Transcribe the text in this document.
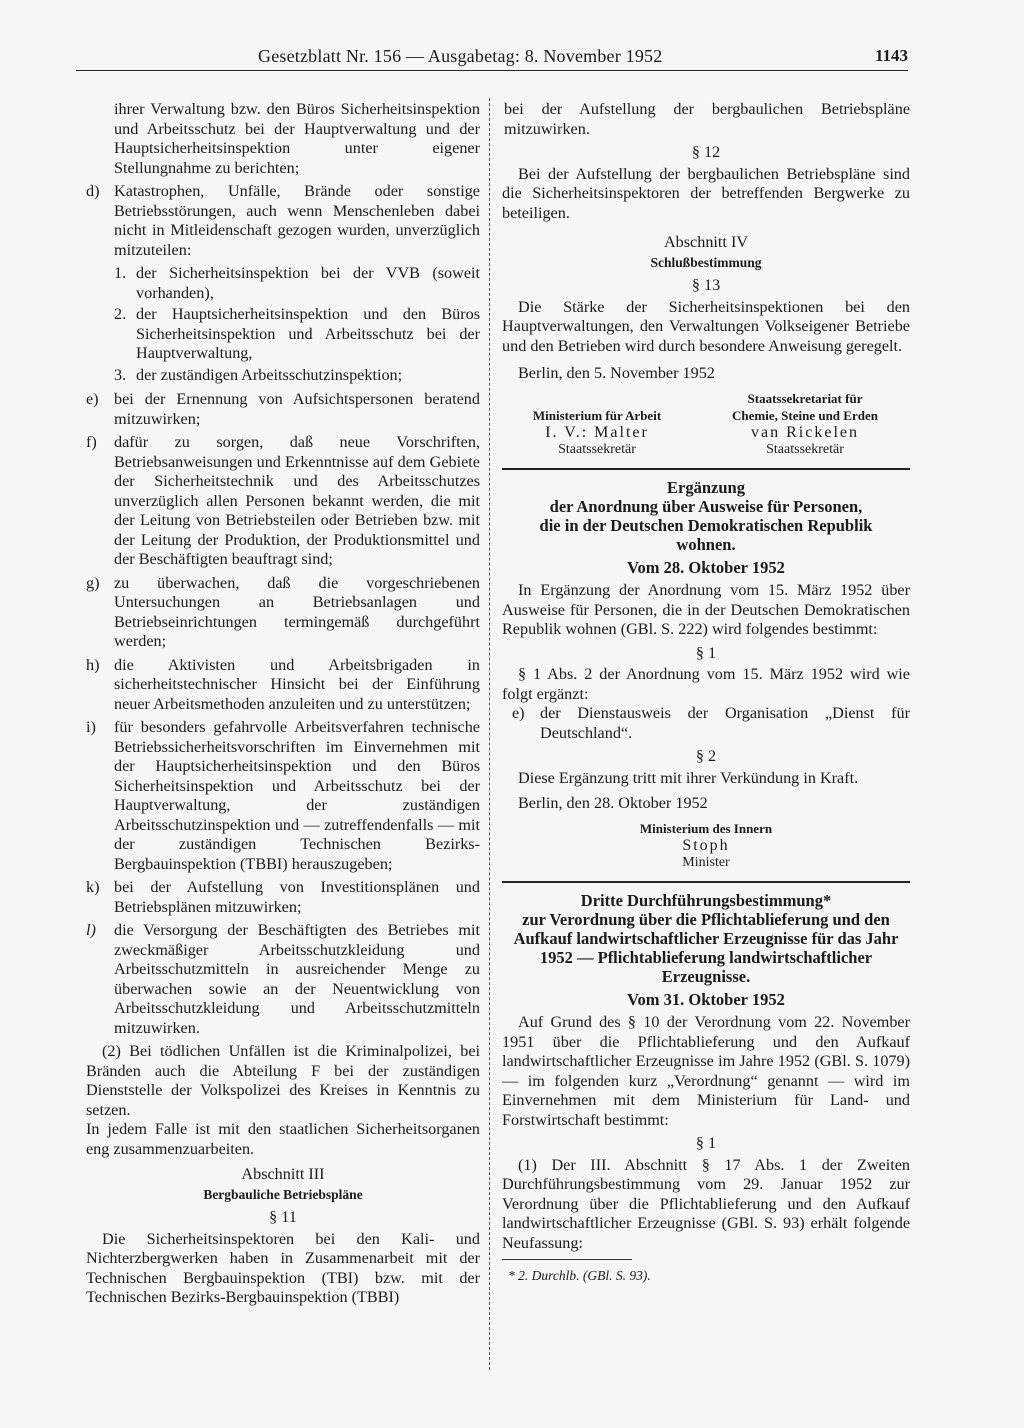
Gesetzblatt Nr. 156 — Ausgabetag: 8. November 1952	1143

ihrer Verwaltung bzw. den Büros Sicherheitsinspektion und Arbeitsschutz bei der Hauptverwaltung und der Hauptsicherheitsinspektion unter eigener Stellungnahme zu berichten;

d) Katastrophen, Unfälle, Brände oder sonstige Betriebsstörungen, auch wenn Menschenleben dabei nicht in Mitleidenschaft gezogen wurden, unverzüglich mitzuteilen:
1. der Sicherheitsinspektion bei der VVB (soweit vorhanden),
2. der Hauptsicherheitsinspektion und den Büros Sicherheitsinspektion und Arbeitsschutz bei der Hauptverwaltung,
3. der zuständigen Arbeitsschutzinspektion;
e) bei der Ernennung von Aufsichtspersonen beratend mitzuwirken;
f)	dafür zu sorgen, daß neue Vorschriften, Betriebsanweisungen und Erkenntnisse auf dem Gebiete der Sicherheitstechnik und des Arbeitsschutzes unverzüglich allen Personen bekannt werden, die mit der Leitung von Betriebsteilen oder Betrieben bzw. mit der Leitung der Produktion, der Produktionsmittel und der Beschäftigten beauftragt sind;
g) zu überwachen, daß die vorgeschriebenen Untersuchungen an Betriebsanlagen und Betriebseinrichtungen termingemäß durchgeführt werden;
h) die Aktivisten und Arbeitsbrigaden in sicherheitstechnischer Hinsicht bei der Einführung neuer Arbeitsmethoden anzuleiten und zu unterstützen;
i)	für besonders gefahrvolle Arbeitsverfahren technische Betriebssicherheitsvorschriften im Einvernehmen mit der Hauptsicherheitsinspektion und den Büros Sicherheitsinspektion und Arbeitsschutz bei der Hauptverwaltung, der zuständigen Arbeitsschutzinspektion und — zutreffendenfalls — mit der zuständigen Technischen Bezirks-Bergbauinspektion (TBBI) herauszugeben;
k) bei der Aufstellung von Investitionsplänen und Betriebsplänen mitzuwirken;
l)	die Versorgung der Beschäftigten des Betriebes mit zweckmäßiger Arbeitsschutzkleidung und Arbeitsschutzmitteln in ausreichender Menge zu überwachen sowie an der Neuentwicklung von Arbeitsschutzkleidung und Arbeitsschutzmitteln mitzuwirken.

(2) Bei tödlichen Unfällen ist die Kriminalpolizei, bei Bränden auch die Abteilung F bei der zuständigen Dienststelle der Volkspolizei des Kreises in Kenntnis zu setzen.

In jedem Falle ist mit den staatlichen Sicherheitsorganen eng zusammenzuarbeiten.

Abschnitt III

Bergbauliche Betriebspläne

§ 11

Die Sicherheitsinspektoren bei den Kali- und Nichterzbergwerken haben in Zusammenarbeit mit der Technischen Bergbauinspektion (TBI) bzw. mit der Technischen Bezirks-Bergbauinspektion (TBBI)

bei der Aufstellung der bergbaulichen Betriebspläne mitzuwirken.

§ 12

Bei der Aufstellung der bergbaulichen Betriebspläne sind die Sicherheitsinspektoren der betreffenden Bergwerke zu beteiligen.

Abschnitt IV

Schlußbestimmung

§ 13

Die Stärke der Sicherheitsinspektionen bei den Hauptverwaltungen, den Verwaltungen Volkseigener Betriebe und den Betrieben wird durch besondere Anweisung geregelt.

Berlin, den 5. November 1952

Ministerium für Arbeit
I. V.: Malter
Staatssekretär
Staatssekretariat für
Chemie, Steine und Erden
van Rickelen
Staatssekretär
Ergänzung
der Anordnung über Ausweise für Personen,
die in der Deutschen Demokratischen Republik
wohnen.

Vom 28. Oktober 1952

In Ergänzung der Anordnung vom 15. März 1952 über Ausweise für Personen, die in der Deutschen Demokratischen Republik wohnen (GBl. S. 222) wird folgendes bestimmt:

§ 1

§ 1 Abs. 2 der Anordnung vom 15. März 1952 wird wie folgt ergänzt:

e) der Dienstausweis der Organisation „Dienst für Deutschland“.

§ 2

Diese Ergänzung tritt mit ihrer Verkündung in Kraft.

Berlin, den 28. Oktober 1952

Ministerium des Innern
Stoph
Minister
Dritte Durchführungsbestimmung*
zur Verordnung über die Pflichtablieferung und den Aufkauf landwirtschaftlicher Erzeugnisse für das Jahr 1952 — Pflichtablieferung landwirtschaftlicher Erzeugnisse.

Vom 31. Oktober 1952

Auf Grund des § 10 der Verordnung vom 22. November 1951 über die Pflichtablieferung und den Aufkauf landwirtschaftlicher Erzeugnisse im Jahre 1952 (GBl. S. 1079) — im folgenden kurz „Verordnung“ genannt — wird im Einvernehmen mit dem Ministerium für Land- und Forstwirtschaft bestimmt:

§ 1

(1) Der III. Abschnitt § 17 Abs. 1 der Zweiten Durchführungsbestimmung vom 29. Januar 1952 zur Verordnung über die Pflichtablieferung und den Aufkauf landwirtschaftlicher Erzeugnisse (GBl. S. 93) erhält folgende Neufassung:

* 2. Durchlb. (GBl. S. 93).
